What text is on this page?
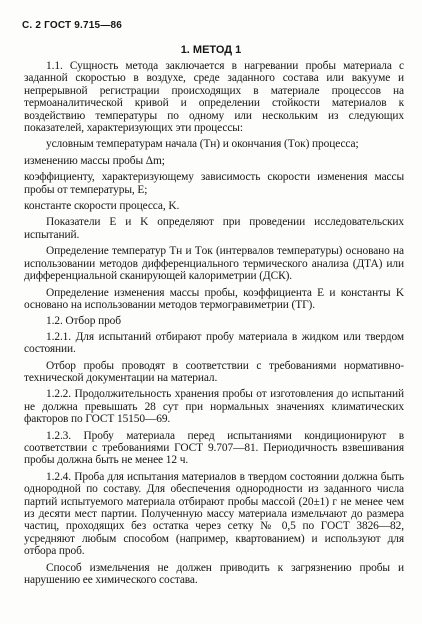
С. 2 ГОСТ 9.715—86
1. МЕТОД 1

1.1. Сущность метода заключается в нагревании пробы материала с заданной скоростью в воздухе, среде заданного состава или вакууме и непрерывной регистрации происходящих в материале процессов на термоаналитической кривой и определении стойкости материалов к воздействию температуры по одному или нескольким из следующих показателей, характеризующих эти процессы:

условным температурам начала (Tн) и окончания (Tок) процесса;

изменению массы пробы Δm;

коэффициенту, характеризующему зависимость скорости изменения массы пробы от температуры, E;

константе скорости процесса, K.

Показатели E и K определяют при проведении исследовательских испытаний.

Определение температур Tн и Tок (интервалов температуры) основано на использовании методов дифференциального термического анализа (ДТА) или дифференциальной сканирующей калориметрии (ДСК).

Определение изменения массы пробы, коэффициента E и константы K основано на использовании методов термогравиметрии (ТГ).

1.2. Отбор проб

1.2.1. Для испытаний отбирают пробу материала в жидком или твердом состоянии.

Отбор пробы проводят в соответствии с требованиями нормативно-технической документации на материал.

1.2.2. Продолжительность хранения пробы от изготовления до испытаний не должна превышать 28 сут при нормальных значениях климатических факторов по ГОСТ 15150—69.

1.2.3. Пробу материала перед испытаниями кондиционируют в соответствии с требованиями ГОСТ 9.707—81. Периодичность взвешивания пробы должна быть не менее 12 ч.

1.2.4. Проба для испытания материалов в твердом состоянии должна быть однородной по составу. Для обеспечения однородности из заданного числа партий испытуемого материала отбирают пробы массой (20±1) г не менее чем из десяти мест партии. Полученную массу материала измельчают до размера частиц, проходящих без остатка через сетку № 0,5 по ГОСТ 3826—82, усредняют любым способом (например, квартованием) и используют для отбора проб.

Способ измельчения не должен приводить к загрязнению пробы и нарушению ее химического состава.
